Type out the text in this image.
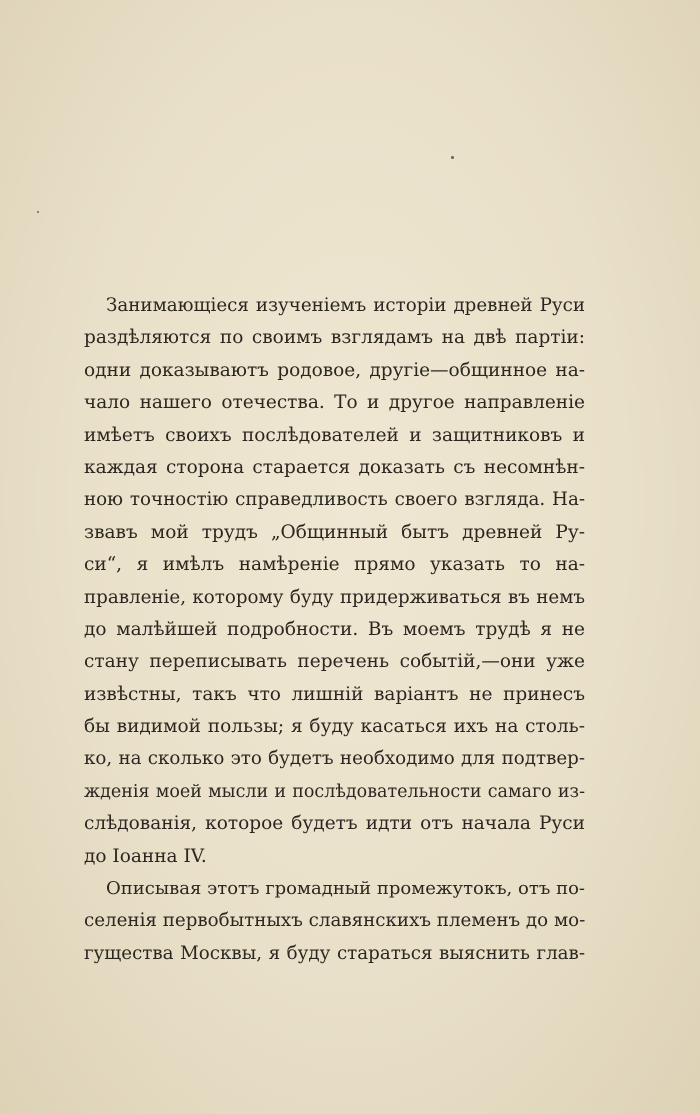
Занимающіеся изученіемъ исторіи древней Руси
раздѣляются по своимъ взглядамъ на двѣ партіи:
одни доказываютъ родовое, другіе—общинное на-
чало нашего отечества. То и другое направленіе
имѣетъ своихъ послѣдователей и защитниковъ и
каждая сторона старается доказать съ несомнѣн-
ною точностію справедливость своего взгляда. На-
звавъ мой трудъ „Общинный бытъ древней Ру-
си“, я имѣлъ намѣреніе прямо указать то на-
правленіе, которому буду придерживаться въ немъ
до малѣйшей подробности. Въ моемъ трудѣ я не
стану переписывать перечень событій,—они уже
извѣстны, такъ что лишній варіантъ не принесъ
бы видимой пользы; я буду касаться ихъ на столь-
ко, на сколько это будетъ необходимо для подтвер-
жденія моей мысли и послѣдовательности самаго из-
слѣдованія, которое будетъ идти отъ начала Руси
до Іоанна IV.
Описывая этотъ громадный промежутокъ, отъ по-
селенія первобытныхъ славянскихъ племенъ до мо-
гущества Москвы, я буду стараться выяснить глав-
